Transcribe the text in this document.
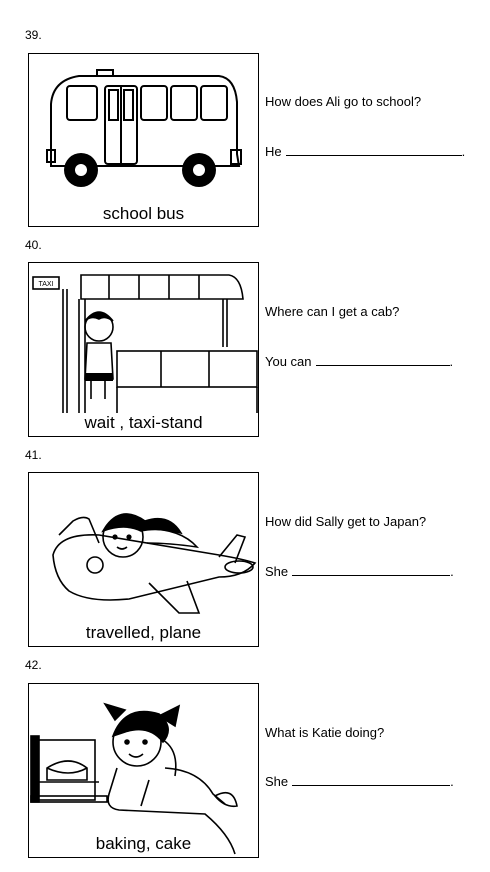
39.
school bus
How does Ali go to school?
He	.
40.
TAXI
wait , taxi-stand
Where can I get a cab?
You can	.
41.
travelled, plane
How did Sally get to Japan?
She	.
42.
baking, cake
What is Katie doing?
She	.
